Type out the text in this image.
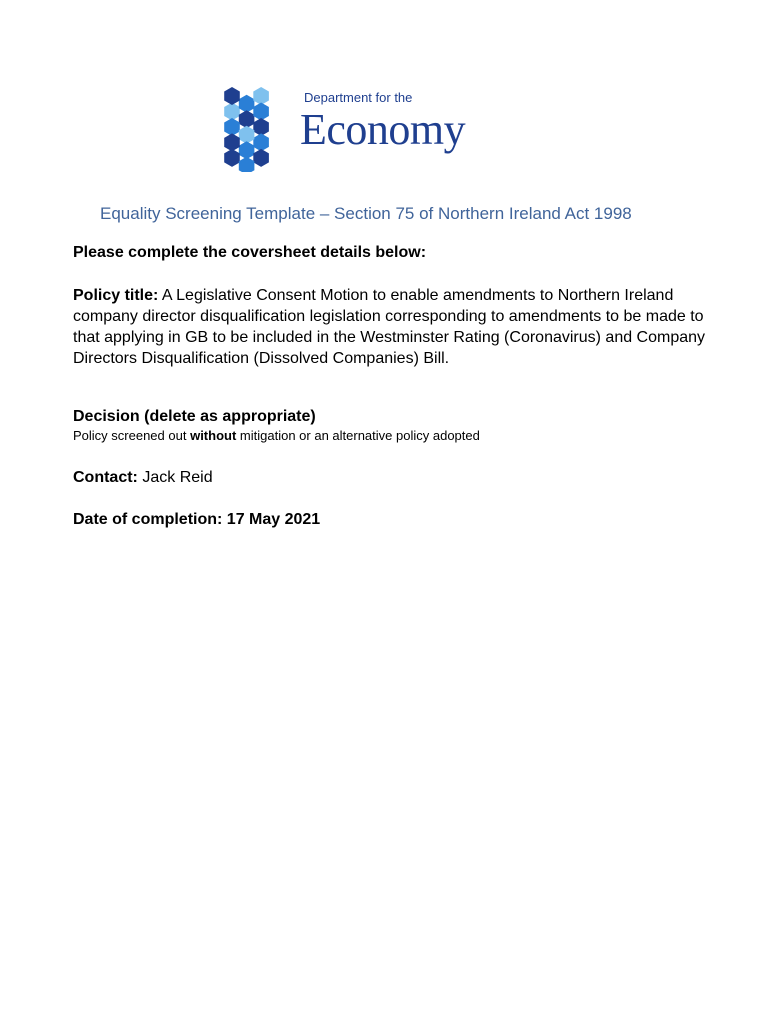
Department for the
Economy
Equality Screening Template – Section 75 of Northern Ireland Act 1998
Please complete the coversheet details below:
Policy title: A Legislative Consent Motion to enable amendments to Northern Ireland company director disqualification legislation corresponding to amendments to be made to that applying in GB to be included in the Westminster Rating (Coronavirus) and Company Directors Disqualification (Dissolved Companies) Bill.
Decision (delete as appropriate)
Policy screened out without mitigation or an alternative policy adopted
Contact: Jack Reid
Date of completion: 17 May 2021
